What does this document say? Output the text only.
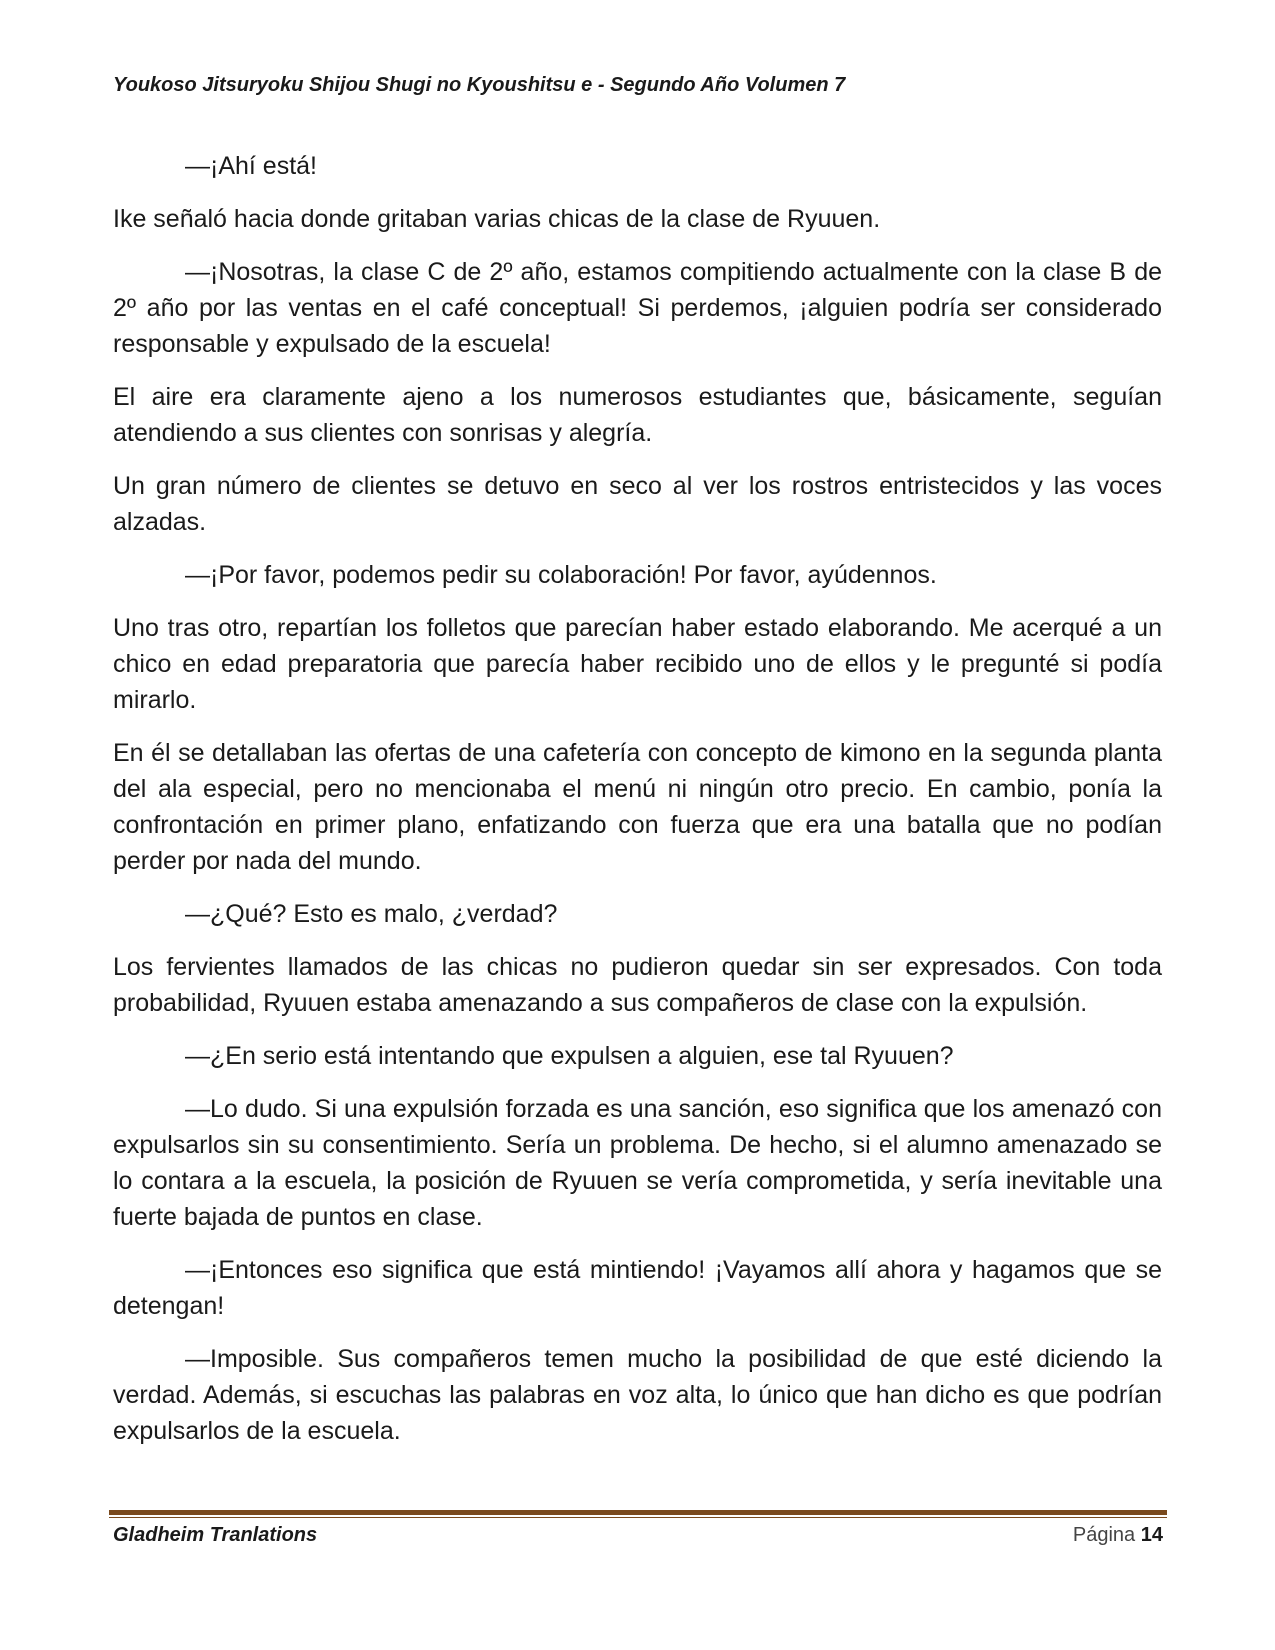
Youkoso Jitsuryoku Shijou Shugi no Kyoushitsu e - Segundo Año Volumen 7

—¡Ahí está!

Ike señaló hacia donde gritaban varias chicas de la clase de Ryuuen.

—¡Nosotras, la clase C de 2º año, estamos compitiendo actualmente con la clase B de 2º año por las ventas en el café conceptual! Si perdemos, ¡alguien podría ser considerado responsable y expulsado de la escuela!

El aire era claramente ajeno a los numerosos estudiantes que, básicamente, seguían atendiendo a sus clientes con sonrisas y alegría.

Un gran número de clientes se detuvo en seco al ver los rostros entristecidos y las voces alzadas.

—¡Por favor, podemos pedir su colaboración! Por favor, ayúdennos.

Uno tras otro, repartían los folletos que parecían haber estado elaborando. Me acerqué a un chico en edad preparatoria que parecía haber recibido uno de ellos y le pregunté si podía mirarlo.

En él se detallaban las ofertas de una cafetería con concepto de kimono en la segunda planta del ala especial, pero no mencionaba el menú ni ningún otro precio. En cambio, ponía la confrontación en primer plano, enfatizando con fuerza que era una batalla que no podían perder por nada del mundo.

—¿Qué? Esto es malo, ¿verdad?

Los fervientes llamados de las chicas no pudieron quedar sin ser expresados. Con toda probabilidad, Ryuuen estaba amenazando a sus compañeros de clase con la expulsión.

—¿En serio está intentando que expulsen a alguien, ese tal Ryuuen?

—Lo dudo. Si una expulsión forzada es una sanción, eso significa que los amenazó con expulsarlos sin su consentimiento. Sería un problema. De hecho, si el alumno amenazado se lo contara a la escuela, la posición de Ryuuen se vería comprometida, y sería inevitable una fuerte bajada de puntos en clase.

—¡Entonces eso significa que está mintiendo! ¡Vayamos allí ahora y hagamos que se detengan!

—Imposible. Sus compañeros temen mucho la posibilidad de que esté diciendo la verdad. Además, si escuchas las palabras en voz alta, lo único que han dicho es que podrían expulsarlos de la escuela.

Gladheim Tranlations	Página 14
